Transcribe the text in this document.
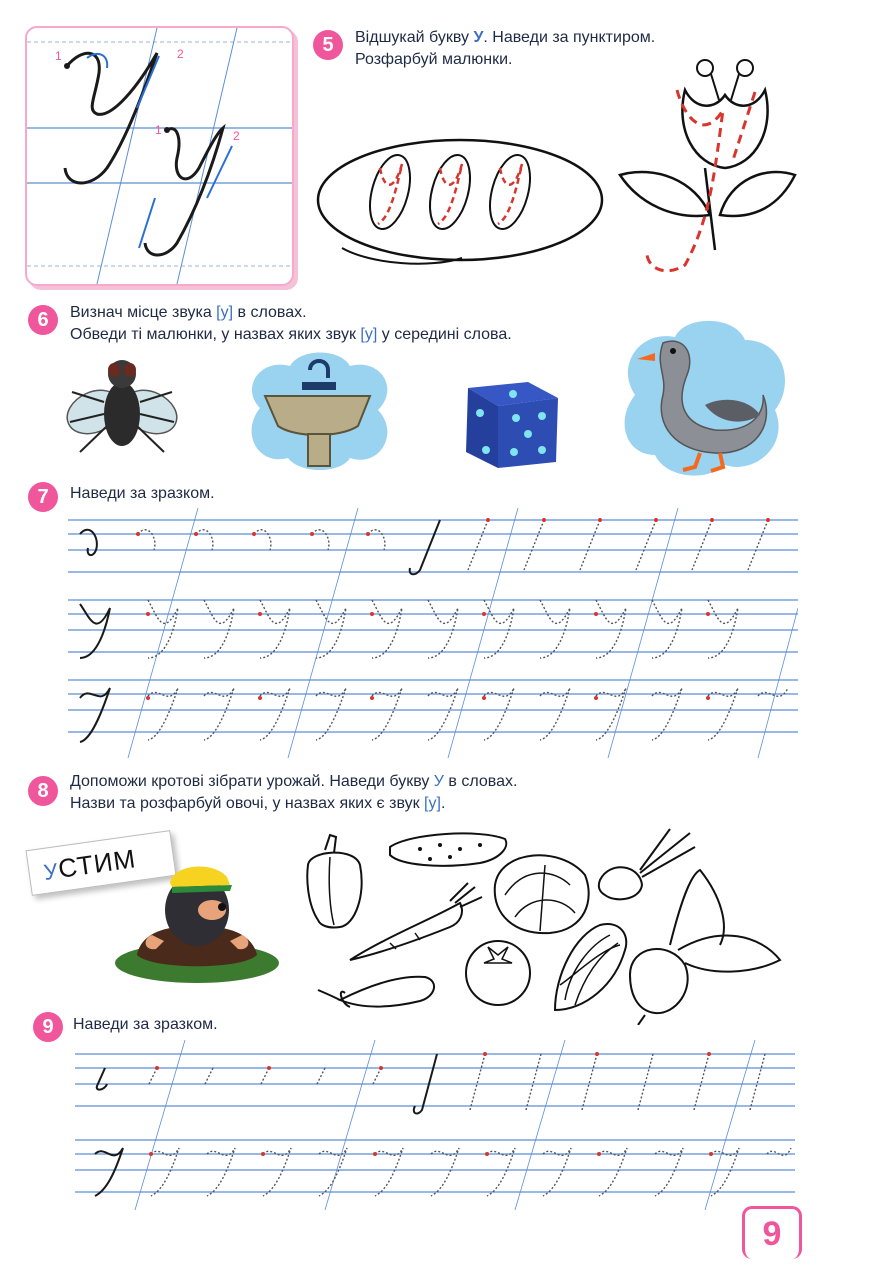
1	2
1	2
5	Відшукай букву У. Наведи за пунктиром.
Розфарбуй малюнки.
6	Визнач місце звука [у] в словах.
Обведи ті малюнки, у назвах яких звук [у] у середині слова.
7	Наведи за зразком.
8	Допоможи кротові зібрати урожай. Наведи букву У в словах.
Назви та розфарбуй овочі, у назвах яких є звук [у].
УСТИМ
9	Наведи за зразком.
9
